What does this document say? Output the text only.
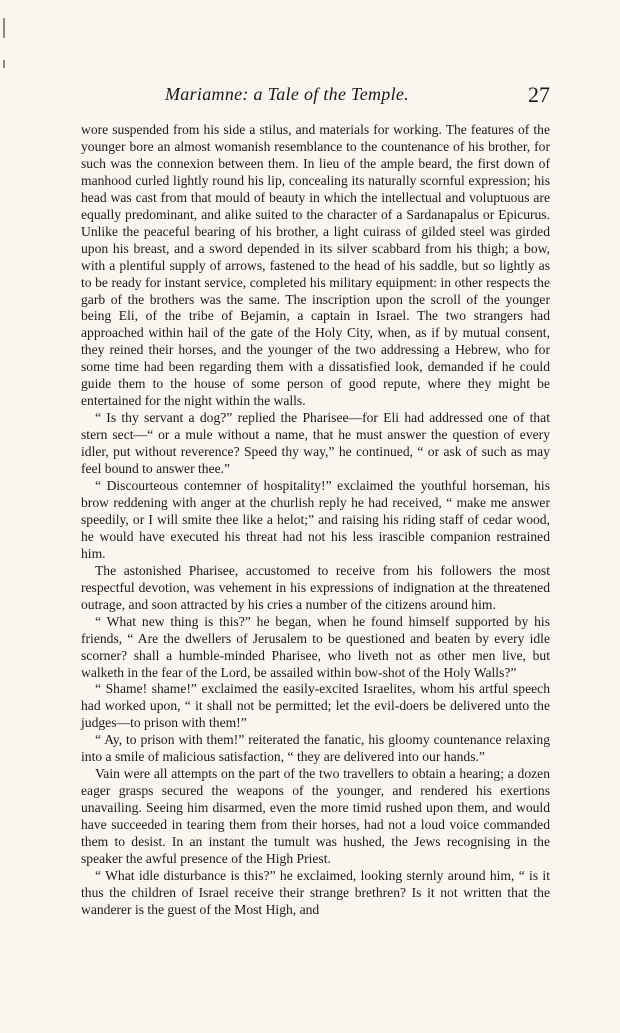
Mariamne: a Tale of the Temple.	27

wore suspended from his side a stilus, and materials for working. The features of the younger bore an almost womanish resemblance to the countenance of his brother, for such was the connexion between them. In lieu of the ample beard, the first down of manhood curled lightly round his lip, concealing its naturally scornful expression; his head was cast from that mould of beauty in which the intellectual and voluptuous are equally predominant, and alike suited to the character of a Sardanapalus or Epicurus. Unlike the peaceful bearing of his brother, a light cuirass of gilded steel was girded upon his breast, and a sword depended in its silver scabbard from his thigh; a bow, with a plentiful supply of arrows, fastened to the head of his saddle, but so lightly as to be ready for instant service, completed his military equipment: in other respects the garb of the brothers was the same. The inscription upon the scroll of the younger being Eli, of the tribe of Bejamin, a captain in Israel. The two strangers had approached within hail of the gate of the Holy City, when, as if by mutual consent, they reined their horses, and the younger of the two addressing a Hebrew, who for some time had been regarding them with a dissatisfied look, demanded if he could guide them to the house of some person of good repute, where they might be entertained for the night within the walls.

“ Is thy servant a dog?” replied the Pharisee—for Eli had addressed one of that stern sect—“ or a mule without a name, that he must answer the question of every idler, put without reverence? Speed thy way,” he continued, “ or ask of such as may feel bound to answer thee.”

“ Discourteous contemner of hospitality!” exclaimed the youthful horseman, his brow reddening with anger at the churlish reply he had received, “ make me answer speedily, or I will smite thee like a helot;” and raising his riding staff of cedar wood, he would have executed his threat had not his less irascible companion restrained him.

The astonished Pharisee, accustomed to receive from his followers the most respectful devotion, was vehement in his expressions of indignation at the threatened outrage, and soon attracted by his cries a number of the citizens around him.

“ What new thing is this?” he began, when he found himself supported by his friends, “ Are the dwellers of Jerusalem to be questioned and beaten by every idle scorner? shall a humble-minded Pharisee, who liveth not as other men live, but walketh in the fear of the Lord, be assailed within bow-shot of the Holy Walls?”

“ Shame! shame!” exclaimed the easily-excited Israelites, whom his artful speech had worked upon, “ it shall not be permitted; let the evil-doers be delivered unto the judges—to prison with them!”

“ Ay, to prison with them!” reiterated the fanatic, his gloomy countenance relaxing into a smile of malicious satisfaction, “ they are delivered into our hands.”

Vain were all attempts on the part of the two travellers to obtain a hearing; a dozen eager grasps secured the weapons of the younger, and rendered his exertions unavailing. Seeing him disarmed, even the more timid rushed upon them, and would have succeeded in tearing them from their horses, had not a loud voice commanded them to desist. In an instant the tumult was hushed, the Jews recognising in the speaker the awful presence of the High Priest.

“ What idle disturbance is this?” he exclaimed, looking sternly around him, “ is it thus the children of Israel receive their strange brethren? Is it not written that the wanderer is the guest of the Most High, and
